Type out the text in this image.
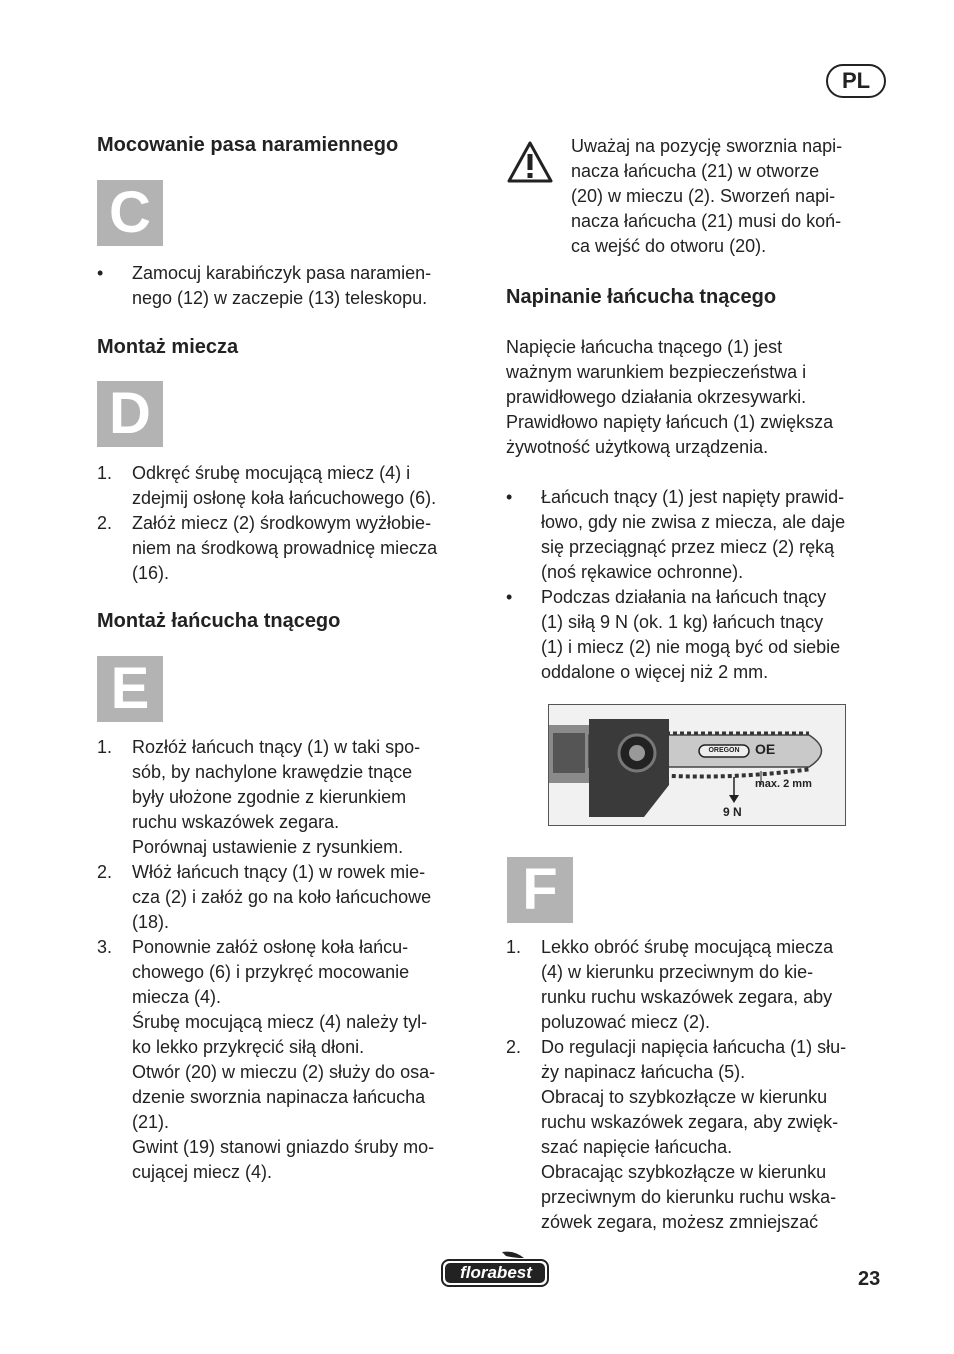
PL
Mocowanie pasa naramiennego
C
• Zamocuj karabińczyk pasa naramien-

nego (12) w zaczepie (13) teleskopu.

Montaż miecza
D
1. Odkręć śrubę mocującą miecz (4) i

zdejmij osłonę koła łańcuchowego (6).

2. Załóż miecz (2) środkowym wyżłobie-

niem na środkową prowadnicę miecza

(16).

Montaż łańcucha tnącego
E
1. Rozłóż łańcuch tnący (1) w taki spo-

sób, by nachylone krawędzie tnące

były ułożone zgodnie z kierunkiem

ruchu wskazówek zegara.

Porównaj ustawienie z rysunkiem.

2. Włóż łańcuch tnący (1) w rowek mie-

cza (2) i załóż go na koło łańcuchowe

(18).

3. Ponownie załóż osłonę koła łańcu-

chowego (6) i przykręć mocowanie

miecza (4).

Śrubę mocującą miecz (4) należy tyl-

ko lekko przykręcić siłą dłoni.

Otwór (20) w mieczu (2) służy do osa-

dzenie sworznia napinacza łańcucha

(21).

Gwint (19) stanowi gniazdo śruby mo-

cującej miecz (4).

Uważaj na pozycję sworznia napi-

nacza łańcucha (21) w otworze

(20) w mieczu (2). Sworzeń napi-

nacza łańcucha (21) musi do koń-

ca wejść do otworu (20).

Napinanie łańcucha tnącego

Napięcie łańcucha tnącego (1) jest

ważnym warunkiem bezpieczeństwa i

prawidłowego działania okrzesywarki.

Prawidłowo napięty łańcuch (1) zwiększa

żywotność użytkową urządzenia.

• Łańcuch tnący (1) jest napięty prawid-

łowo, gdy nie zwisa z miecza, ale daje

się przeciągnąć przez miecz (2) ręką

(noś rękawice ochronne).

• Podczas działania na łańcuch tnący

(1) siłą 9 N (ok. 1 kg) łańcuch tnący

(1) i miecz (2) nie mogą być od siebie

oddalone o więcej niż 2 mm.

OREGON	OE
max. 2 mm
9 N
F
1. Lekko obróć śrubę mocującą miecza

(4) w kierunku przeciwnym do kie-

runku ruchu wskazówek zegara, aby

poluzować miecz (2).

2. Do regulacji napięcia łańcucha (1) słu-

ży napinacz łańcucha (5).

Obracaj to szybkozłącze w kierunku

ruchu wskazówek zegara, aby zwięk-

szać napięcie łańcucha.

Obracając szybkozłącze w kierunku

przeciwnym do kierunku ruchu wska-

zówek zegara, możesz zmniejszać

florabest	23
